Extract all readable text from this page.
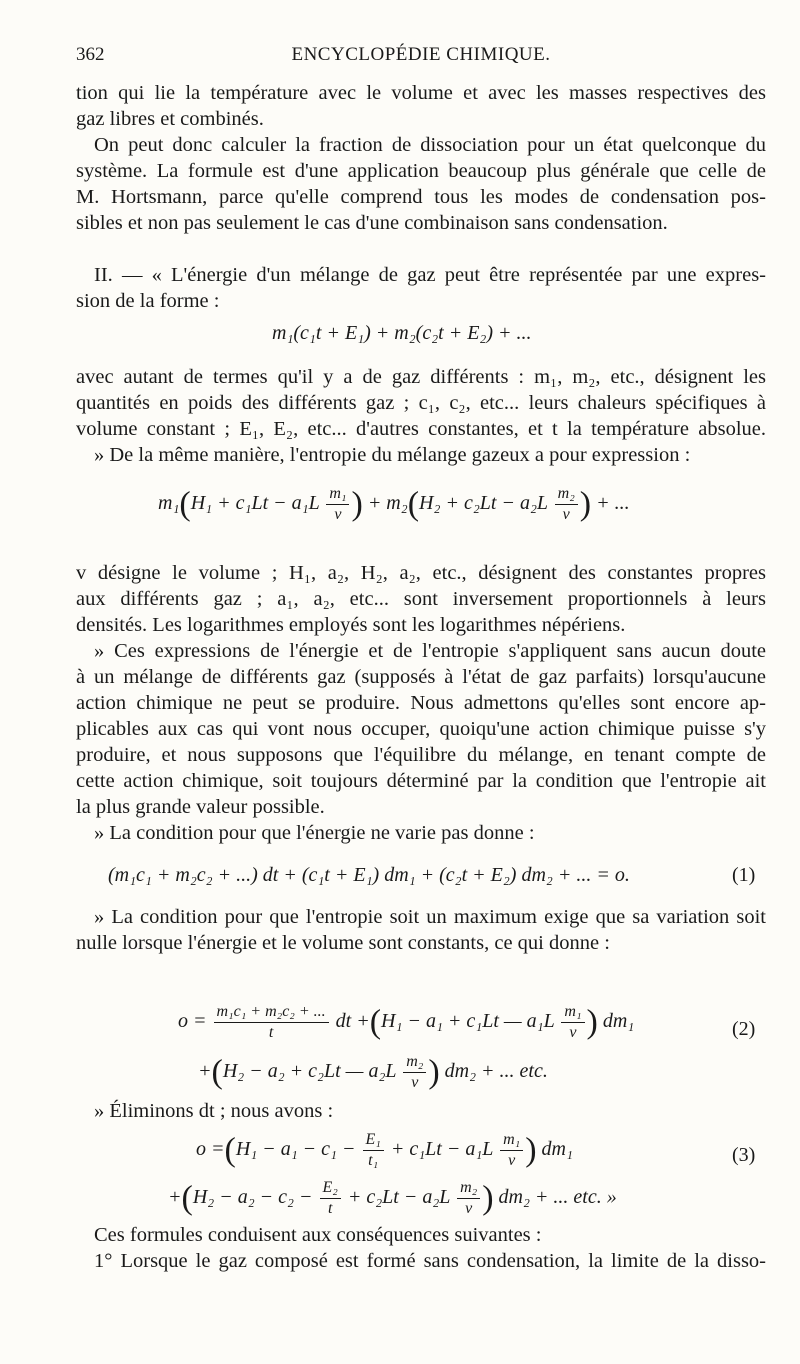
362	ENCYCLOPÉDIE CHIMIQUE.
tion qui lie la température avec le volume et avec les masses respectives des
gaz libres et combinés.
On peut donc calculer la fraction de dissociation pour un état quelconque du
système. La formule est d'une application beaucoup plus générale que celle de
M. Hortsmann, parce qu'elle comprend tous les modes de condensation pos-
sibles et non pas seulement le cas d'une combinaison sans condensation.
II. — « L'énergie d'un mélange de gaz peut être représentée par une expres-
sion de la forme :
m₁(c₁t + E₁) + m₂(c₂t + E₂) + ...
avec autant de termes qu'il y a de gaz différents : m₁, m₂, etc., désignent les
quantités en poids des différents gaz ; c₁, c₂, etc... leurs chaleurs spécifiques à
volume constant ; E₁, E₂, etc... d'autres constantes, et t la température absolue.
» De la même manière, l'entropie du mélange gazeux a pour expression :
$m_1(H_1 + c_1Lt - a_1L \frac{\text{m₁}}{v}$ ) + $m_2(H_2 + c_2Lt - a_2L \frac{\text{m₂}}{v}$ ) + ...
v désigne le volume ; H₁, a₂, H₂, a₂, etc., désignent des constantes propres
aux différents gaz ; a₁, a₂, etc... sont inversement proportionnels à leurs
densités. Les logarithmes employés sont les logarithmes népériens.
» Ces expressions de l'énergie et de l'entropie s'appliquent sans aucun doute
à un mélange de différents gaz (supposés à l'état de gaz parfaits) lorsqu'aucune
action chimique ne peut se produire. Nous admettons qu'elles sont encore ap-
plicables aux cas qui vont nous occuper, quoiqu'une action chimique puisse s'y
produire, et nous supposons que l'équilibre du mélange, en tenant compte de
cette action chimique, soit toujours déterminé par la condition que l'entropie ait
la plus grande valeur possible.
» La condition pour que l'énergie ne varie pas donne :
(m₁c₁ + m₂c₂ + ...) dt + (c₁t + E₁) dm₁ + (c₂t + E₂) dm₂ + ... = o.	(1)
» La condition pour que l'entropie soit un maximum exige que sa variation soit
nulle lorsque l'énergie et le volume sont constants, ce qui donne :
$o = \frac{\text{m₁c₁ + m₂c₂ + ...}}{t}$ dt +(H₁ − a₁ + c₁Lt — $a_1L \frac{\text{m₁}}{v}$ ) dm₁	(2)
+(H₂ − a₂ + c₂Lt — $a_2L \frac{\text{m₂}}{v}$ ) dm₂ + ... etc.
» Éliminons dt ; nous avons :
$o =(H_1 - a_1 - c_1 - \frac{\text{E₁}}{\text{t₁}} + c_1Lt - a_1L \frac{\text{m₁}}{v}$ ) dm₁	(3)
$+(H_2 - a_2 - c_2 - \frac{\text{E₂}}{t} + c_2Lt - a_2L \frac{\text{m₂}}{v}$ ) dm₂ + ... etc. »
Ces formules conduisent aux conséquences suivantes :
1° Lorsque le gaz composé est formé sans condensation, la limite de la disso-
